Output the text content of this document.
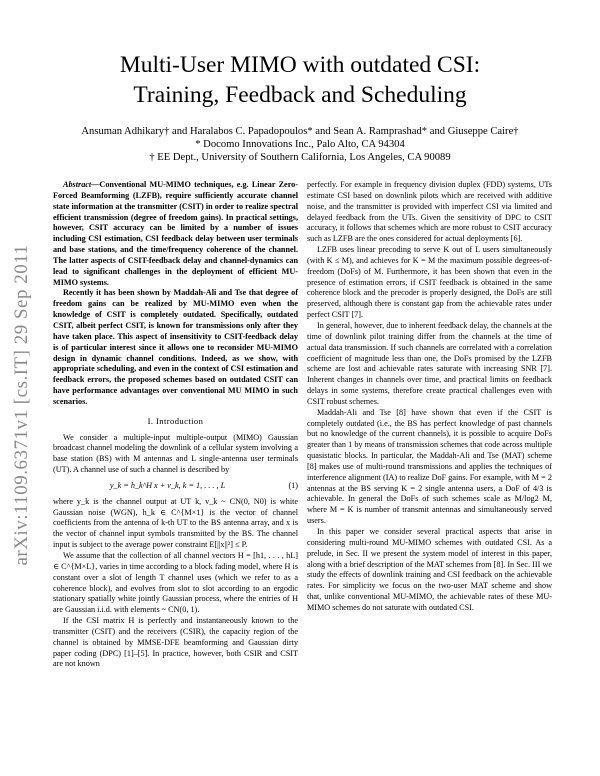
arXiv:1109.6371v1 [cs.IT] 29 Sep 2011
Multi-User MIMO with outdated CSI:
Training, Feedback and Scheduling
Ansuman Adhikary† and Haralabos C. Papadopoulos* and Sean A. Ramprashad* and Giuseppe Caire†
* Docomo Innovations Inc., Palo Alto, CA 94304
† EE Dept., University of Southern California, Los Angeles, CA 90089

Abstract—Conventional MU-MIMO techniques, e.g. Linear Zero-Forced Beamforming (LZFB), require sufficiently accurate channel state information at the transmitter (CSIT) in order to realize spectral efficient transmission (degree of freedom gains). In practical settings, however, CSIT accuracy can be limited by a number of issues including CSI estimation, CSI feedback delay between user terminals and base stations, and the time/frequency coherence of the channel. The latter aspects of CSIT-feedback delay and channel-dynamics can lead to significant challenges in the deployment of efficient MU-MIMO systems.

Recently it has been shown by Maddah-Ali and Tse that degree of freedom gains can be realized by MU-MIMO even when the knowledge of CSIT is completely outdated. Specifically, outdated CSIT, albeit perfect CSIT, is known for transmissions only after they have taken place. This aspect of insensitivity to CSIT-feedback delay is of particular interest since it allows one to reconsider MU-MIMO design in dynamic channel conditions. Indeed, as we show, with appropriate scheduling, and even in the context of CSI estimation and feedback errors, the proposed schemes based on outdated CSIT can have performance advantages over conventional MU MIMO in such scenarios.

I. Introduction

We consider a multiple-input multiple-output (MIMO) Gaussian broadcast channel modeling the downlink of a cellular system involving a base station (BS) with M antennas and L single-antenna user terminals (UT). A channel use of such a channel is described by

y_k = h_k^H x + v_k, k = 1, . . . , L	(1)

where y_k is the channel output at UT k, v_k ~ CN(0, N0) is white Gaussian noise (WGN), h_k ∈ C^{M×1} is the vector of channel coefficients from the antenna of k-th UT to the BS antenna array, and x is the vector of channel input symbols transmitted by the BS. The channel input is subject to the average power constraint E[||x||²] ≤ P.

We assume that the collection of all channel vectors H = [h1, . . . , hL] ∈ C^{M×L}, varies in time according to a block fading model, where H is constant over a slot of length T channel uses (which we refer to as a coherence block), and evolves from slot to slot according to an ergodic stationary spatially white jointly Gaussian process, where the entries of H are Gaussian i.i.d. with elements ~ CN(0, 1).

If the CSI matrix H is perfectly and instantaneously known to the transmitter (CSIT) and the receivers (CSIR), the capacity region of the channel is obtained by MMSE-DFE beamforming and Gaussian dirty paper coding (DPC) [1]–[5]. In practice, however, both CSIR and CSIT are not known

perfectly. For example in frequency division duplex (FDD) systems, UTs estimate CSI based on downlink pilots which are received with additive noise, and the transmitter is provided with imperfect CSI via limited and delayed feedback from the UTs. Given the sensitivity of DPC to CSIT accuracy, it follows that schemes which are more robust to CSIT accuracy such as LZFB are the ones considered for actual deployments [6].

LZFB uses linear precoding to serve K out of L users simultaneously (with K ≤ M), and achieves for K = M the maximum possible degrees-of-freedom (DoFs) of M. Furthermore, it has been shown that even in the presence of estimation errors, if CSIT feedback is obtained in the same coherence block and the precoder is properly designed, the DoFs are still preserved, although there is constant gap from the achievable rates under perfect CSIT [7].

In general, however, due to inherent feedback delay, the channels at the time of downlink pilot training differ from the channels at the time of actual data transmission. If such channels are correlated with a correlation coefficient of magnitude less than one, the DoFs promised by the LZFB scheme are lost and achievable rates saturate with increasing SNR [7]. Inherent changes in channels over time, and practical limits on feedback delays in some systems, therefore create practical challenges even with CSIT robust schemes.

Maddah-Ali and Tse [8] have shown that even if the CSIT is completely outdated (i.e., the BS has perfect knowledge of past channels but no knowledge of the current channels), it is possible to acquire DoFs greater than 1 by means of transmission schemes that code across multiple quasistatic blocks. In particular, the Maddah-Ali and Tse (MAT) scheme [8] makes use of multi-round transmissions and applies the techniques of interference alignment (IA) to realize DoF gains. For example, with M = 2 antennas at the BS serving K = 2 single antenna users, a DoF of 4/3 is achievable. In general the DoFs of such schemes scale as M/log2 M, where M = K is number of transmit antennas and simultaneously served users.

In this paper we consider several practical aspects that arise in considering multi-round MU-MIMO schemes with outdated CSI. As a prelude, in Sec. II we present the system model of interest in this paper, along with a brief description of the MAT schemes from [8]. In Sec. III we study the effects of downlink training and CSI feedback on the achievable rates. For simplicity we focus on the two-user MAT scheme and show that, unlike conventional MU-MIMO, the achievable rates of these MU-MIMO schemes do not saturate with outdated CSI.
